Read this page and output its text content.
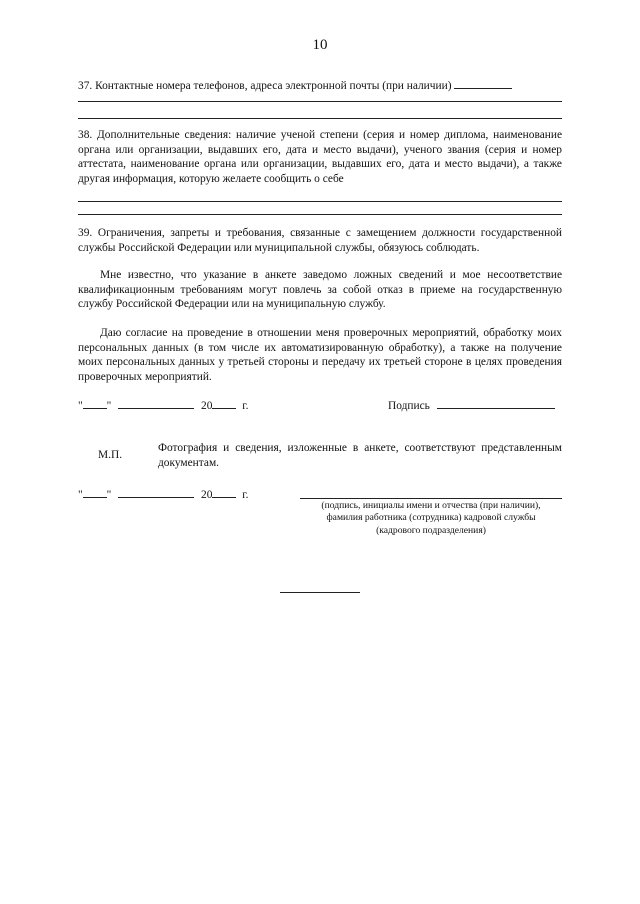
10
37. Контактные номера телефонов, адреса электронной почты (при наличии)
38. Дополнительные сведения: наличие ученой степени (серия и номер диплома, наименование органа или организации, выдавших его, дата и место выдачи), ученого звания (серия и номер аттестата, наименование органа или организации, выдавших его, дата и место выдачи), а также другая информация, которую желаете сообщить о себе
39. Ограничения, запреты и требования, связанные с замещением должности государственной службы Российской Федерации или муниципальной службы, обязуюсь соблюдать.
Мне известно, что указание в анкете заведомо ложных сведений и мое несоответствие квалификационным требованиям могут повлечь за собой отказ в приеме на государственную службу Российской Федерации или на муниципальную службу.
Даю согласие на проведение в отношении меня проверочных мероприятий, обработку моих персональных данных (в том числе их автоматизированную обработку), а также на получение моих персональных данных у третьей стороны и передачу их третьей стороне в целях проведения проверочных мероприятий.
" "	20	г.	Подпись
М.П.
Фотография и сведения, изложенные в анкете, соответствуют представленным документам.
" "	20	г.
(подпись, инициалы имени и отчества (при наличии),
фамилия работника (сотрудника) кадровой службы
(кадрового подразделения)
